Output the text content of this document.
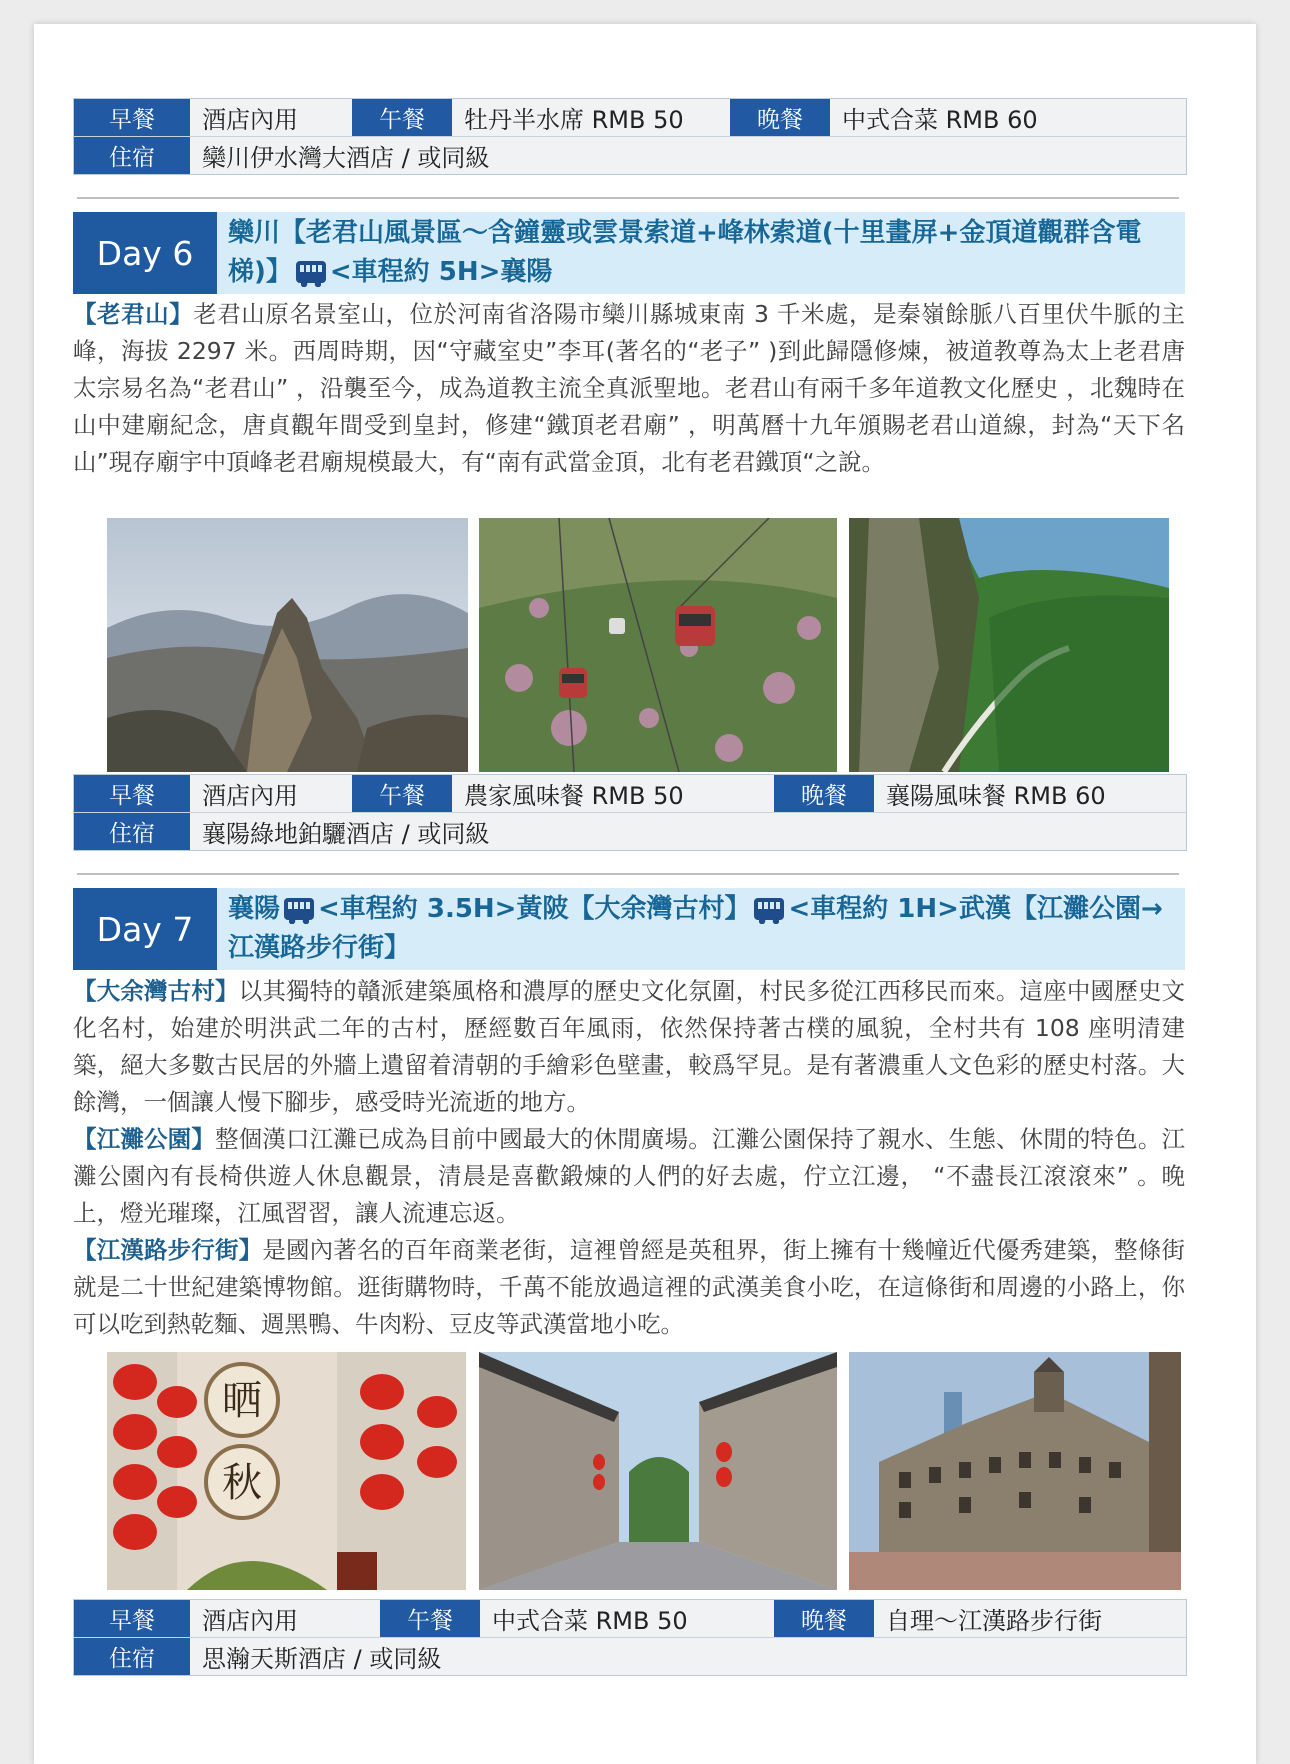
早餐	酒店內用	午餐	牡丹半水席 RMB 50	晚餐	中式合菜 RMB 60
住宿	欒川伊水灣大酒店 / 或同級
Day 6
欒川【老君山風景區～含鐘靈或雲景索道+峰林索道(十里畫屏+金頂道觀群含電梯)】 <車程約 5H>襄陽

【老君山】老君山原名景室山，位於河南省洛陽市欒川縣城東南 3 千米處，是秦嶺餘脈八百里伏牛脈的主峰，海拔 2297 米。西周時期，因“守藏室史”李耳(著名的“老子” )到此歸隱修煉，被道教尊為太上老君唐太宗易名為“老君山” ，沿襲至今，成為道教主流全真派聖地。老君山有兩千多年道教文化歷史 ，北魏時在山中建廟紀念，唐貞觀年間受到皇封，修建“鐵頂老君廟” ，明萬曆十九年頒賜老君山道線，封為“天下名山”現存廟宇中頂峰老君廟規模最大，有“南有武當金頂，北有老君鐵頂“之說。

早餐	酒店內用	午餐	農家風味餐 RMB 50	晚餐	襄陽風味餐 RMB 60
住宿	襄陽綠地鉑驪酒店 / 或同級
Day 7
襄陽 <車程約 3.5H>黃陂【大余灣古村】 <車程約 1H>武漢【江灘公園→江漢路步行街】

【大余灣古村】以其獨特的贛派建築風格和濃厚的歷史文化氛圍，村民多從江西移民而來。這座中國歷史文化名村，始建於明洪武二年的古村，歷經數百年風雨，依然保持著古樸的風貌，全村共有 108 座明清建築，絕大多數古民居的外牆上遺留着清朝的手繪彩色壁畫，較爲罕見。是有著濃重人文色彩的歷史村落。大餘灣，一個讓人慢下腳步，感受時光流逝的地方。

【江灘公園】整個漢口江灘已成為目前中國最大的休閒廣場。江灘公園保持了親水、生態、休閒的特色。江灘公園內有長椅供遊人休息觀景，清晨是喜歡鍛煉的人們的好去處，佇立江邊， “不盡長江滾滾來” 。晚上，燈光璀璨，江風習習，讓人流連忘返。

【江漢路步行街】是國內著名的百年商業老街，這裡曾經是英租界，街上擁有十幾幢近代優秀建築，整條街就是二十世紀建築博物館。逛街購物時，千萬不能放過這裡的武漢美食小吃，在這條街和周邊的小路上，你可以吃到熱乾麵、週黑鴨、牛肉粉、豆皮等武漢當地小吃。

晒
秋
早餐	酒店內用	午餐	中式合菜 RMB 50	晚餐	自理～江漢路步行街
住宿	思瀚天斯酒店 / 或同級
